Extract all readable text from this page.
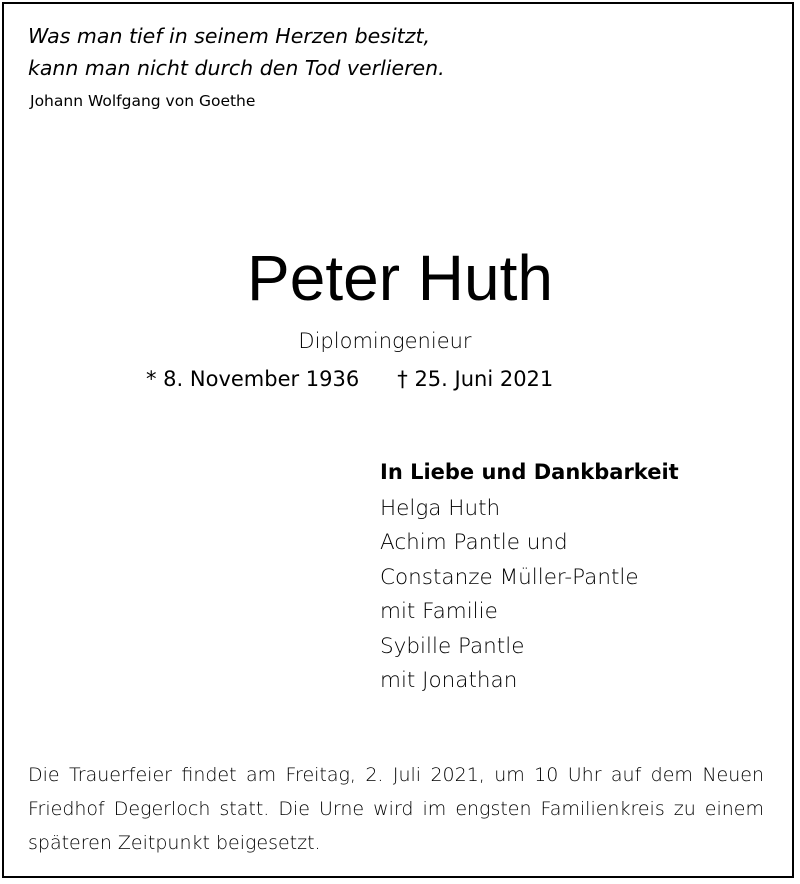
Was man tief in seinem Herzen besitzt,
kann man nicht durch den Tod verlieren.
Johann Wolfgang von Goethe
Peter Huth
Diplomingenieur
* 8. November 1936 † 25. Juni 2021
In Liebe und Dankbarkeit
Helga Huth
Achim Pantle und
Constanze Müller-Pantle
mit Familie
Sybille Pantle
mit Jonathan
Die Trauerfeier findet am Freitag, 2. Juli 2021, um 10 Uhr auf dem Neuen Friedhof Degerloch statt. Die Urne wird im engsten Familienkreis zu einem späteren Zeitpunkt beigesetzt.
